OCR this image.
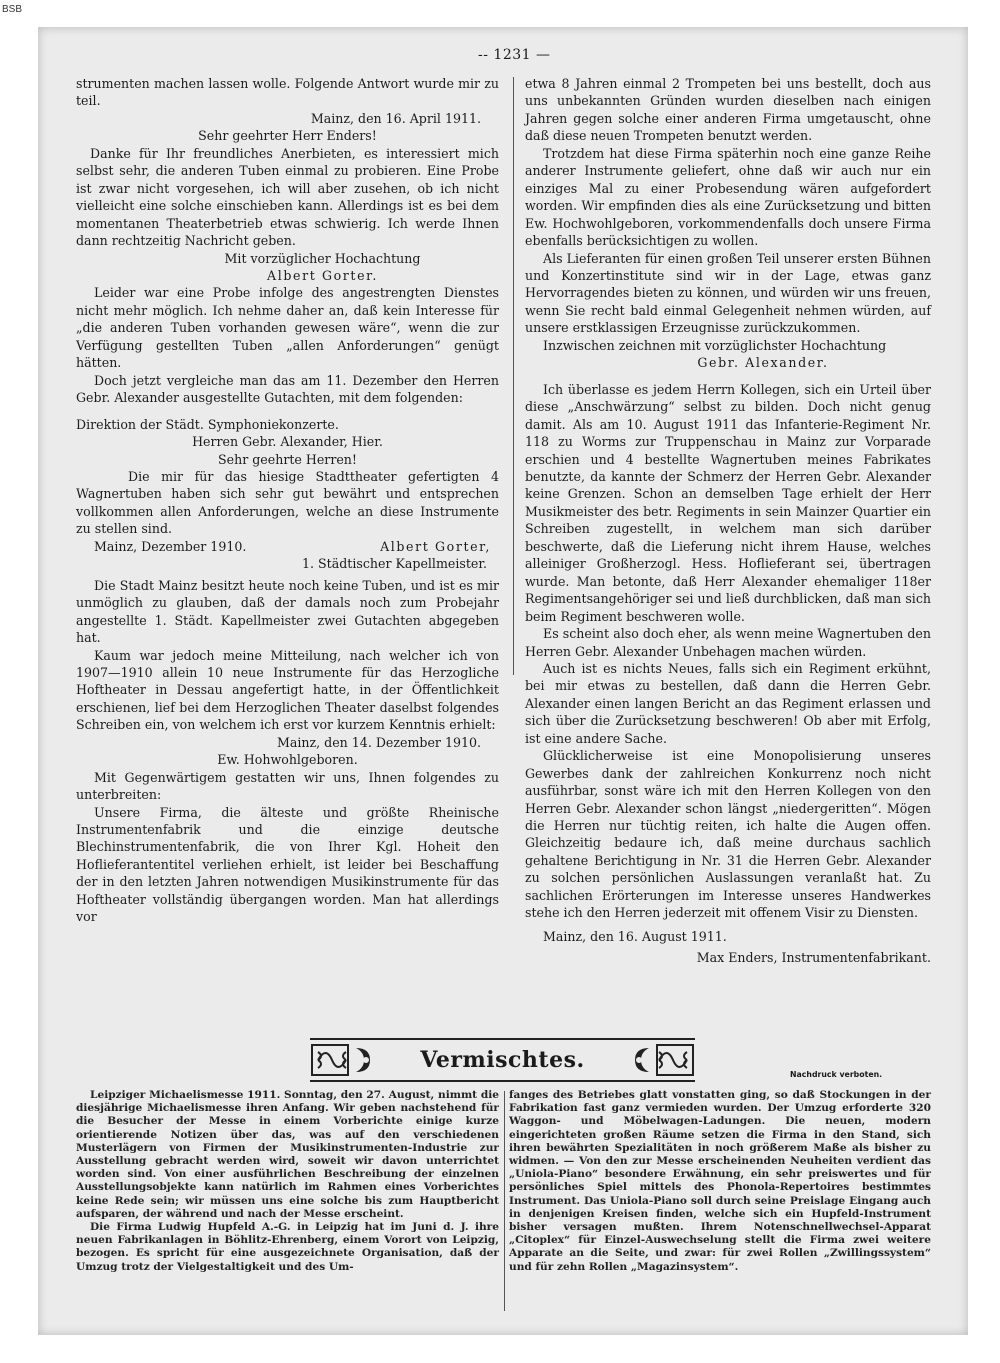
BSB
-- 1231 —

strumenten machen lassen wolle. Folgende Antwort wurde mir zu teil.

Mainz, den 16. April 1911.

Sehr geehrter Herr Enders!

Danke für Ihr freundliches Anerbieten, es interessiert mich selbst sehr, die anderen Tuben einmal zu probieren. Eine Probe ist zwar nicht vorgesehen, ich will aber zusehen, ob ich nicht vielleicht eine solche einschieben kann. Allerdings ist es bei dem momentanen Theaterbetrieb etwas schwierig. Ich werde Ihnen dann rechtzeitig Nachricht geben.

Mit vorzüglicher Hochachtung

Albert Gorter.

Leider war eine Probe infolge des angestrengten Dienstes nicht mehr möglich. Ich nehme daher an, daß kein Interesse für „die anderen Tuben vorhanden gewesen wäre“, wenn die zur Verfügung gestellten Tuben „allen Anforderungen“ genügt hätten.

Doch jetzt vergleiche man das am 11. Dezember den Herren Gebr. Alexander ausgestellte Gutachten, mit dem folgenden:

Direktion der Städt. Symphoniekonzerte.

Herren Gebr. Alexander, Hier.

Sehr geehrte Herren!

Die mir für das hiesige Stadttheater gefertigten 4 Wagnertuben haben sich sehr gut bewährt und entsprechen vollkommen allen Anforderungen, welche an diese Instrumente zu stellen sind.

Mainz, Dezember 1910.	Albert Gorter,

1. Städtischer Kapellmeister.

Die Stadt Mainz besitzt heute noch keine Tuben, und ist es mir unmöglich zu glauben, daß der damals noch zum Probejahr angestellte 1. Städt. Kapellmeister zwei Gutachten abgegeben hat.

Kaum war jedoch meine Mitteilung, nach welcher ich von 1907—1910 allein 10 neue Instrumente für das Herzogliche Hoftheater in Dessau angefertigt hatte, in der Öffentlichkeit erschienen, lief bei dem Herzoglichen Theater daselbst folgendes Schreiben ein, von welchem ich erst vor kurzem Kenntnis erhielt:

Mainz, den 14. Dezember 1910.

Ew. Hohwohlgeboren.

Mit Gegenwärtigem gestatten wir uns, Ihnen folgendes zu unterbreiten:

Unsere Firma, die älteste und größte Rheinische Instrumentenfabrik und die einzige deutsche Blechinstrumentenfabrik, die von Ihrer Kgl. Hoheit den Hoflieferantentitel verliehen erhielt, ist leider bei Beschaffung der in den letzten Jahren notwendigen Musikinstrumente für das Hoftheater vollständig übergangen worden. Man hat allerdings vor

etwa 8 Jahren einmal 2 Trompeten bei uns bestellt, doch aus uns unbekannten Gründen wurden dieselben nach einigen Jahren gegen solche einer anderen Firma umgetauscht, ohne daß diese neuen Trompeten benutzt werden.

Trotzdem hat diese Firma späterhin noch eine ganze Reihe anderer Instrumente geliefert, ohne daß wir auch nur ein einziges Mal zu einer Probesendung wären aufgefordert worden. Wir empfinden dies als eine Zurücksetzung und bitten Ew. Hochwohlgeboren, vorkommendenfalls doch unsere Firma ebenfalls berücksichtigen zu wollen.

Als Lieferanten für einen großen Teil unserer ersten Bühnen und Konzertinstitute sind wir in der Lage, etwas ganz Hervorragendes bieten zu können, und würden wir uns freuen, wenn Sie recht bald einmal Gelegenheit nehmen würden, auf unsere erstklassigen Erzeugnisse zurückzukommen.

Inzwischen zeichnen mit vorzüglichster Hochachtung

Gebr. Alexander.

Ich überlasse es jedem Herrn Kollegen, sich ein Urteil über diese „Anschwärzung“ selbst zu bilden. Doch nicht genug damit. Als am 10. August 1911 das Infanterie-Regiment Nr. 118 zu Worms zur Truppenschau in Mainz zur Vorparade erschien und 4 bestellte Wagnertuben meines Fabrikates benutzte, da kannte der Schmerz der Herren Gebr. Alexander keine Grenzen. Schon an demselben Tage erhielt der Herr Musikmeister des betr. Regiments in sein Mainzer Quartier ein Schreiben zugestellt, in welchem man sich darüber beschwerte, daß die Lieferung nicht ihrem Hause, welches alleiniger Großherzogl. Hess. Hoflieferant sei, übertragen wurde. Man betonte, daß Herr Alexander ehemaliger 118er Regimentsangehöriger sei und ließ durchblicken, daß man sich beim Regiment beschweren wolle.

Es scheint also doch eher, als wenn meine Wagnertuben den Herren Gebr. Alexander Unbehagen machen würden.

Auch ist es nichts Neues, falls sich ein Regiment erkühnt, bei mir etwas zu bestellen, daß dann die Herren Gebr. Alexander einen langen Bericht an das Regiment erlassen und sich über die Zurücksetzung beschweren! Ob aber mit Erfolg, ist eine andere Sache.

Glücklicherweise ist eine Monopolisierung unseres Gewerbes dank der zahlreichen Konkurrenz noch nicht ausführbar, sonst wäre ich mit den Herren Kollegen von den Herren Gebr. Alexander schon längst „niedergeritten“. Mögen die Herren nur tüchtig reiten, ich halte die Augen offen. Gleichzeitig bedaure ich, daß meine durchaus sachlich gehaltene Berichtigung in Nr. 31 die Herren Gebr. Alexander zu solchen persönlichen Auslassungen veranlaßt hat. Zu sachlichen Erörterungen im Interesse unseres Handwerkes stehe ich den Herren jederzeit mit offenem Visir zu Diensten.

Mainz, den 16. August 1911.

Max Enders, Instrumentenfabrikant.

Vermischtes.
Nachdruck verboten.

Leipziger Michaelismesse 1911. Sonntag, den 27. August, nimmt die diesjährige Michaelismesse ihren Anfang. Wir geben nachstehend für die Besucher der Messe in einem Vorberichte einige kurze orientierende Notizen über das, was auf den verschiedenen Musterlägern von Firmen der Musikinstrumenten-Industrie zur Ausstellung gebracht werden wird, soweit wir davon unterrichtet worden sind. Von einer ausführlichen Beschreibung der einzelnen Ausstellungsobjekte kann natürlich im Rahmen eines Vorberichtes keine Rede sein; wir müssen uns eine solche bis zum Hauptbericht aufsparen, der während und nach der Messe erscheint.

Die Firma Ludwig Hupfeld A.-G. in Leipzig hat im Juni d. J. ihre neuen Fabrikanlagen in Böhlitz-Ehrenberg, einem Vorort von Leipzig, bezogen. Es spricht für eine ausgezeichnete Organisation, daß der Umzug trotz der Vielgestaltigkeit und des Um-

fanges des Betriebes glatt vonstatten ging, so daß Stockungen in der Fabrikation fast ganz vermieden wurden. Der Umzug erforderte 320 Waggon- und Möbelwagen-Ladungen. Die neuen, modern eingerichteten großen Räume setzen die Firma in den Stand, sich ihren bewährten Spezialitäten in noch größerem Maße als bisher zu widmen. — Von den zur Messe erscheinenden Neuheiten verdient das „Uniola-Piano“ besondere Erwähnung, ein sehr preiswertes und für persönliches Spiel mittels des Phonola-Repertoires bestimmtes Instrument. Das Uniola-Piano soll durch seine Preislage Eingang auch in denjenigen Kreisen finden, welche sich ein Hupfeld-Instrument bisher versagen mußten. Ihrem Notenschnellwechsel-Apparat „Citoplex“ für Einzel-Auswechselung stellt die Firma zwei weitere Apparate an die Seite, und zwar: für zwei Rollen „Zwillingssystem“ und für zehn Rollen „Magazinsystem“.
